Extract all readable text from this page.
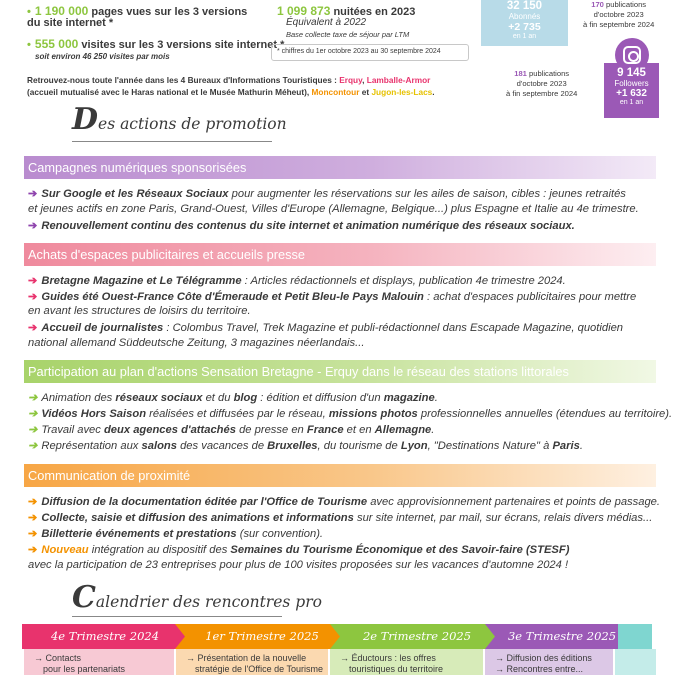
• 1 190 000 pages vues sur les 3 versions
du site internet *
• 555 000 visites sur les 3 versions site internet *
soit environ 46 250 visites par mois
1 099 873 nuitées en 2023
Équivalent à 2022
Base collecte taxe de séjour par LTM
* chiffres du 1er octobre 2023 au 30 septembre 2024
32 150
Abonnés
+2 735
en 1 an
170 publications
d'octobre 2023
à fin septembre 2024
181 publications
d'octobre 2023
à fin septembre 2024
9 145
Followers
+1 632
en 1 an
Retrouvez-nous toute l'année dans les 4 Bureaux d'Informations Touristiques : Erquy, Lamballe-Armor
(accueil mutualisé avec le Haras national et le Musée Mathurin Méheut), Moncontour et Jugon-les-Lacs.
Des actions de promotion
Campagnes numériques sponsorisées
➔ Sur Google et les Réseaux Sociaux pour augmenter les réservations sur les ailes de saison, cibles : jeunes retraités
et jeunes actifs en zone Paris, Grand-Ouest, Villes d'Europe (Allemagne, Belgique...) plus Espagne et Italie au 4e trimestre.
➔ Renouvellement continu des contenus du site internet et animation numérique des réseaux sociaux.
Achats d'espaces publicitaires et accueils presse
➔ Bretagne Magazine et Le Télégramme : Articles rédactionnels et displays, publication 4e trimestre 2024.
➔ Guides été Ouest-France Côte d'Émeraude et Petit Bleu-le Pays Malouin : achat d'espaces publicitaires pour mettre
en avant les structures de loisirs du territoire.
➔ Accueil de journalistes : Colombus Travel, Trek Magazine et publi-rédactionnel dans Escapade Magazine, quotidien
national allemand Süddeutsche Zeitung, 3 magazines néerlandais...
Participation au plan d'actions Sensation Bretagne - Erquy dans le réseau des stations littorales
➔ Animation des réseaux sociaux et du blog : édition et diffusion d'un magazine.
➔ Vidéos Hors Saison réalisées et diffusées par le réseau, missions photos professionnelles annuelles (étendues au territoire).
➔ Travail avec deux agences d'attachés de presse en France et en Allemagne.
➔ Représentation aux salons des vacances de Bruxelles, du tourisme de Lyon, "Destinations Nature" à Paris.
Communication de proximité
➔ Diffusion de la documentation éditée par l'Office de Tourisme avec approvisionnement partenaires et points de passage.
➔ Collecte, saisie et diffusion des animations et informations sur site internet, par mail, sur écrans, relais divers médias...
➔ Billetterie événements et prestations (sur convention).
➔ Nouveau intégration au dispositif des Semaines du Tourisme Économique et des Savoir-faire (STESF)
avec la participation de 23 entreprises pour plus de 100 visites proposées sur les vacances d'automne 2024 !
Calendrier des rencontres pro
4e Trimestre 2024	1er Trimestre 2025	2e Trimestre 2025	3e Trimestre 2025
→ Contacts
pour les partenariats
→ Présentation de la nouvelle
stratégie de l'Office de Tourisme
→ Éductours : les offres
touristiques du territoire
→ Diffusion des éditions
→ Rencontres entre...
